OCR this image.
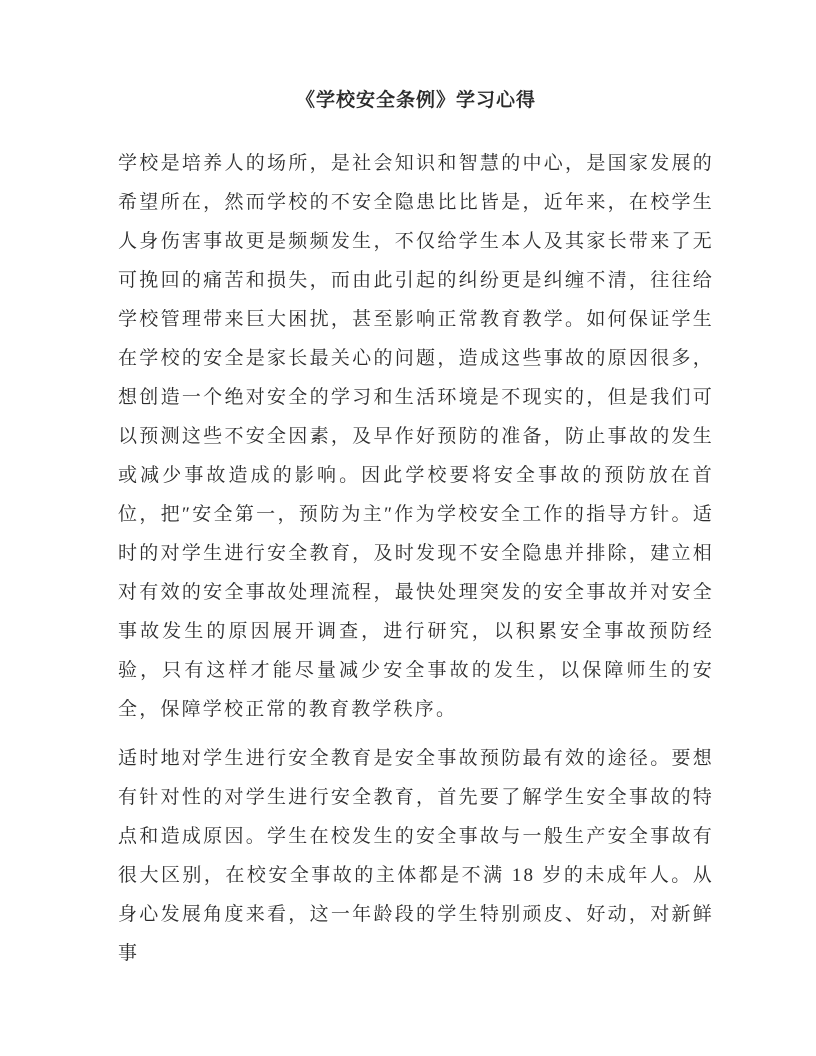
《学校安全条例》学习心得

学校是培养人的场所，是社会知识和智慧的中心，是国家发展的希望所在，然而学校的不安全隐患比比皆是，近年来，在校学生人身伤害事故更是频频发生，不仅给学生本人及其家长带来了无可挽回的痛苦和损失，而由此引起的纠纷更是纠缠不清，往往给学校管理带来巨大困扰，甚至影响正常教育教学。如何保证学生在学校的安全是家长最关心的问题，造成这些事故的原因很多，想创造一个绝对安全的学习和生活环境是不现实的，但是我们可以预测这些不安全因素，及早作好预防的准备，防止事故的发生或减少事故造成的影响。因此学校要将安全事故的预防放在首位，把″安全第一，预防为主″作为学校安全工作的指导方针。适时的对学生进行安全教育，及时发现不安全隐患并排除，建立相对有效的安全事故处理流程，最快处理突发的安全事故并对安全事故发生的原因展开调查，进行研究，以积累安全事故预防经验，只有这样才能尽量减少安全事故的发生，以保障师生的安全，保障学校正常的教育教学秩序。

适时地对学生进行安全教育是安全事故预防最有效的途径。要想有针对性的对学生进行安全教育，首先要了解学生安全事故的特点和造成原因。学生在校发生的安全事故与一般生产安全事故有很大区别，在校安全事故的主体都是不满 18 岁的未成年人。从身心发展角度来看，这一年龄段的学生特别顽皮、好动，对新鲜事
